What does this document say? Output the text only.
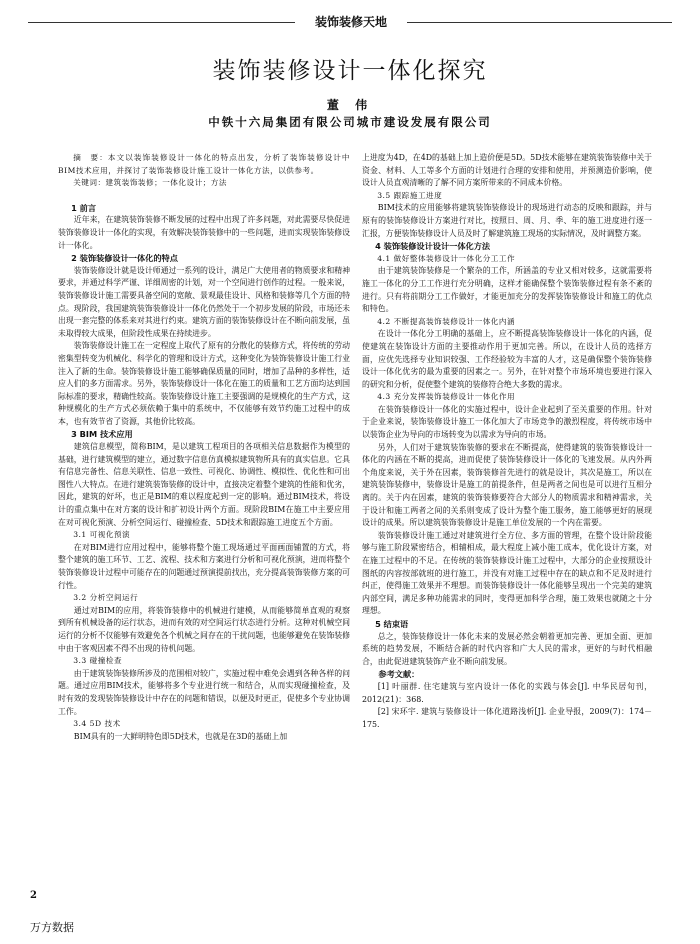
装饰装修天地
装饰装修设计一体化探究
董 伟
中铁十六局集团有限公司城市建设发展有限公司

摘　要：本文以装饰装修设计一体化的特点出发，分析了装饰装修设计中BIM技术应用，并探讨了装饰装修设计施工设计一体化方法，以供参考。

关键词：建筑装饰装修；一体化设计；方法

1 前言

近年来，在建筑装饰装修不断发展的过程中出现了许多问题，对此需要尽快促进装饰装修设计一体化的实现，有效解决装饰装修中的一些问题，进而实现装饰装修设计一体化。

2 装饰装修设计一体化的特点

装饰装修设计就是设计师通过一系列的设计，满足广大使用者的物质要求和精神要求，并通过科学严谨、详细周密的计划，对一个空间进行创作的过程。一般来说，装饰装修设计施工需要具备空间的宽敞、景观最佳设计、风格和装修等几个方面的特点。现阶段，我国建筑装饰装修设计一体化仍然处于一个初步发展的阶段，市场还未出现一套完整的体系来对其进行约束。建筑方面的装饰装修设计在不断向前发展，虽未取得较大成果，但阶段性成果在持续进步。

装饰装修设计施工在一定程度上取代了原有的分散化的装修方式，将传统的劳动密集型转变为机械化、科学化的管理和设计方式，这种变化为装饰装修设计施工行业注入了新的生命。装饰装修设计施工能够确保质量的同时，增加了品种的多样性，适应人们的多方面需求。另外，装饰装修设计一体化在施工的质量和工艺方面均达到国际标准的要求，精确性较高。装饰装修设计施工主要强调的是规模化的生产方式，这种规模化的生产方式必须依赖于集中的系统中，不仅能够有效节约施工过程中的成本，也有效节省了资源，其他价比较高。

3 BIM 技术应用

建筑信息模型，简称BIM，是以建筑工程项目的各项相关信息数据作为模型的基础，进行建筑模型的建立，通过数字信息仿真模拟建筑物所具有的真实信息。它具有信息完备性、信息关联性、信息一致性、可视化、协调性、模拟性、优化性和可出图性八大特点。在进行建筑装饰装修的设计中，直接决定着整个建筑的性能和优劣，因此，建筑的好坏，也正是BIM的难以程度起到一定的影响。通过BIM技术，将设计的重点集中在对方案的设计和扩初设计两个方面。现阶段BIM在施工中主要应用在对可视化预演、分析空间运行、碰撞检查、5D技术和跟踪施工进度五个方面。

3.1 可视化预演

在对BIM进行应用过程中，能够将整个施工现场通过平面画面铺置的方式，将整个建筑的施工环节、工艺、流程、技术和方案进行分析和可视化预演，进而将整个装饰装修设计过程中可能存在的问题通过预演提前找出，充分提高装饰装修方案的可行性。

3.2 分析空间运行

通过对BIM的应用，将装饰装修中的机械进行建模，从而能够简单直观的观察到所有机械设备的运行状态，进而有效的对空间运行状态进行分析。这种对机械空间运行的分析不仅能够有效避免各个机械之间存在的干扰问题，也能够避免在装饰装修中由于客观因素不得不出现的待机问题。

3.3 碰撞检查

由于建筑装饰装修所涉及的范围相对较广，实施过程中难免会遇到各种各样的问题。通过应用BIM技术，能够将多个专业进行统一和结合，从而实现碰撞检查，及时有效的发现装饰装修设计中存在的问题和错误，以便及时更正，促使多个专业协调工作。

3.4 5D 技术

BIM具有的一大鲜明特色即5D技术，也就是在3D的基础上加

上进度为4D，在4D的基础上加上造价便是5D。5D技术能够在建筑装饰装修中关于资金、材料、人工等多个方面的计划进行合理的安排和使用，并预测造价影响，使设计人员直观清晰的了解不同方案所带来的不同成本价格。

3.5 跟踪施工进度

BIM技术的应用能够将建筑装饰装修设计的现场进行动态的反映和跟踪，并与原有的装饰装修设计方案进行对比，按照日、周、月、季、年的施工进度进行逐一汇报，方便装饰装修设计人员及时了解建筑施工现场的实际情况，及时调整方案。

4 装饰装修设计设计一体化方法
4.1 做好整体装修设计一体化分工工作

由于建筑装饰装修是一个繁杂的工作，所涵盖的专业又相对较多，这就需要将施工一体化的分工工作进行充分明确，这样才能确保整个装饰装修过程有条不紊的进行。只有将前期分工工作做好，才能更加充分的发挥装饰装修设计和施工的优点和特色。

4.2 不断提高装饰装修设计一体化内涵

在设计一体化分工明确的基础上，应不断提高装饰装修设计一体化的内涵，促使建筑在装饰设计方面的主要推动作用于更加完善。所以，在设计人员的选择方面，应优先选择专业知识较强、工作经验较为丰富的人才，这是确保整个装饰装修设计一体化优劣的最为重要的因素之一。另外，在针对整个市场环境也要进行深入的研究和分析，促使整个建筑的装修符合绝大多数的需求。

4.3 充分发挥装饰装修设计一体化作用

在装饰装修设计一体化的实施过程中，设计企业起到了至关重要的作用。针对于企业来说，装饰装修设计施工一体化加大了市场竞争的激烈程度，将传统市场中以装饰企业为导向的市场转变为以需求为导向的市场。

另外，人们对于建筑装饰装修的要求在不断提高，使得建筑的装饰装修设计一体化的内涵在不断的提高，进而促使了装饰装修设计一体化的飞速发展。从内外两个角度来说，关于外在因素，装饰装修首先进行的就是设计，其次是施工，所以在建筑装饰装修中，装修设计是施工的前提条件，但是两者之间也是可以进行互相分离的。关于内在因素，建筑的装饰装修要符合大部分人的物质需求和精神需求，关于设计和施工两者之间的关系则变成了设计为整个施工服务，施工能够更好的展现设计的成果。所以建筑装饰装修设计是施工单位发展的一个内在需要。

装饰装修设计施工通过对建筑进行全方位、多方面的管理，在整个设计阶段能够与施工阶段紧密结合，相辅相成，最大程度上减小施工成本，优化设计方案，对在施工过程中的不足。在传统的装饰装修设计施工过程中，大部分的企业按照设计图纸的内容按部就班的进行施工，并没有对施工过程中存在的缺点和不足及时进行纠正，使得施工效果并不理想。而装饰装修设计一体化能够呈现出一个完美的建筑内部空间，满足多种功能需求的同时，变得更加科学合理，施工效果也就随之十分理想。

5 结束语

总之，装饰装修设计一体化未来的发展必然会朝着更加完善、更加全面、更加系统的趋势发展，不断结合新的时代内容和广大人民的需求，更好的与时代相融合，由此促进建筑装饰产业不断向前发展。

参考文献：

[1] 叶丽群. 住宅建筑与室内设计一体化的实践与体会[J]. 中华民居旬刊，2012(21)：368.

[2] 宋环宇. 建筑与装修设计一体化道路浅析[J]. 企业导报，2009(7)：174－175.

2
万方数据
